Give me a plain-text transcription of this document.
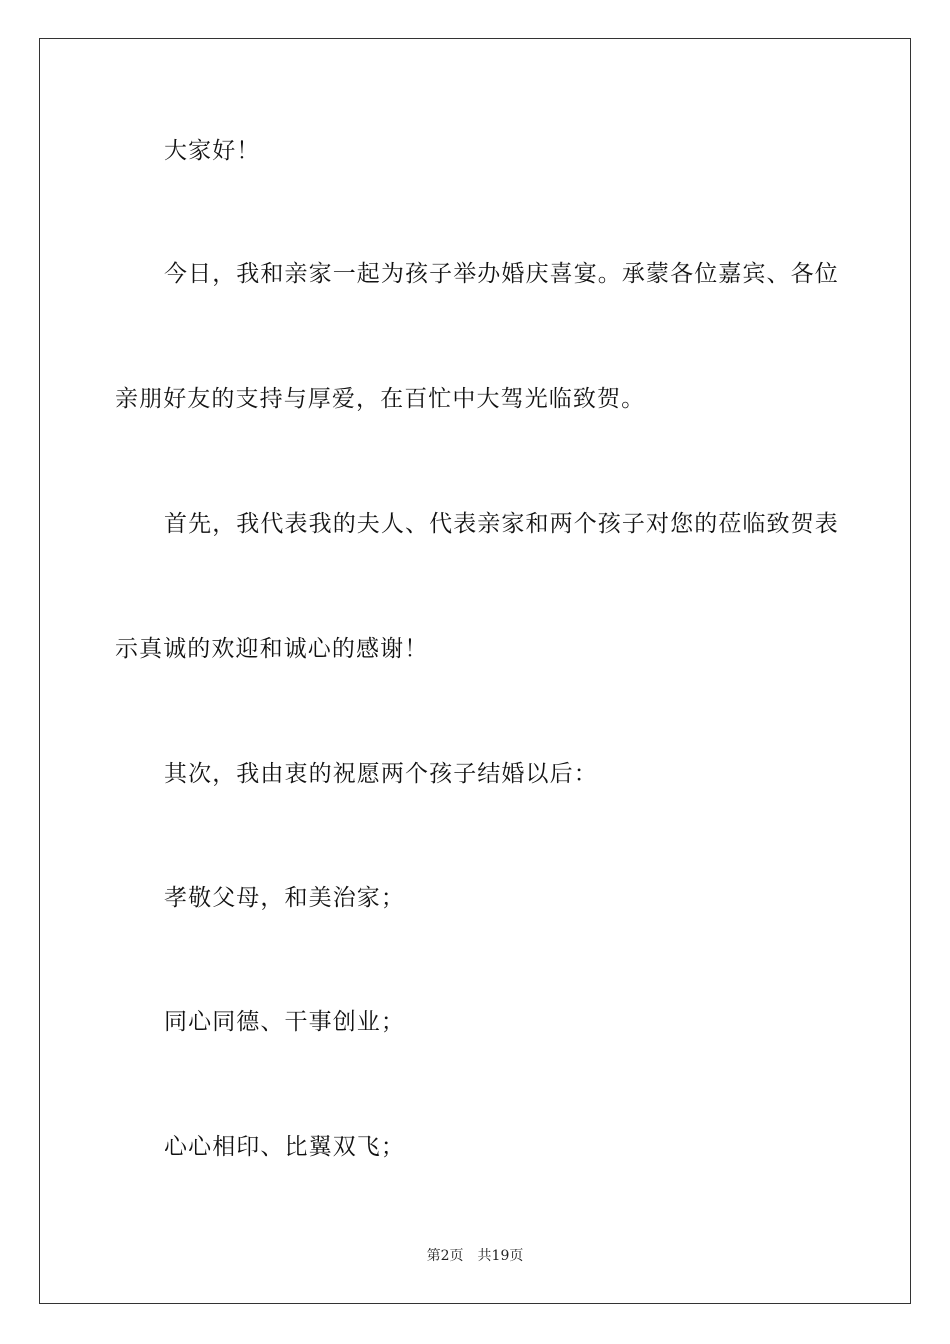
大家好！
今日，我和亲家一起为孩子举办婚庆喜宴。承蒙各位嘉宾、各位
亲朋好友的支持与厚爱，在百忙中大驾光临致贺。
首先，我代表我的夫人、代表亲家和两个孩子对您的莅临致贺表
示真诚的欢迎和诚心的感谢！
其次，我由衷的祝愿两个孩子结婚以后：
孝敬父母，和美治家；
同心同德、干事创业；
心心相印、比翼双飞；
第2页 共19页
